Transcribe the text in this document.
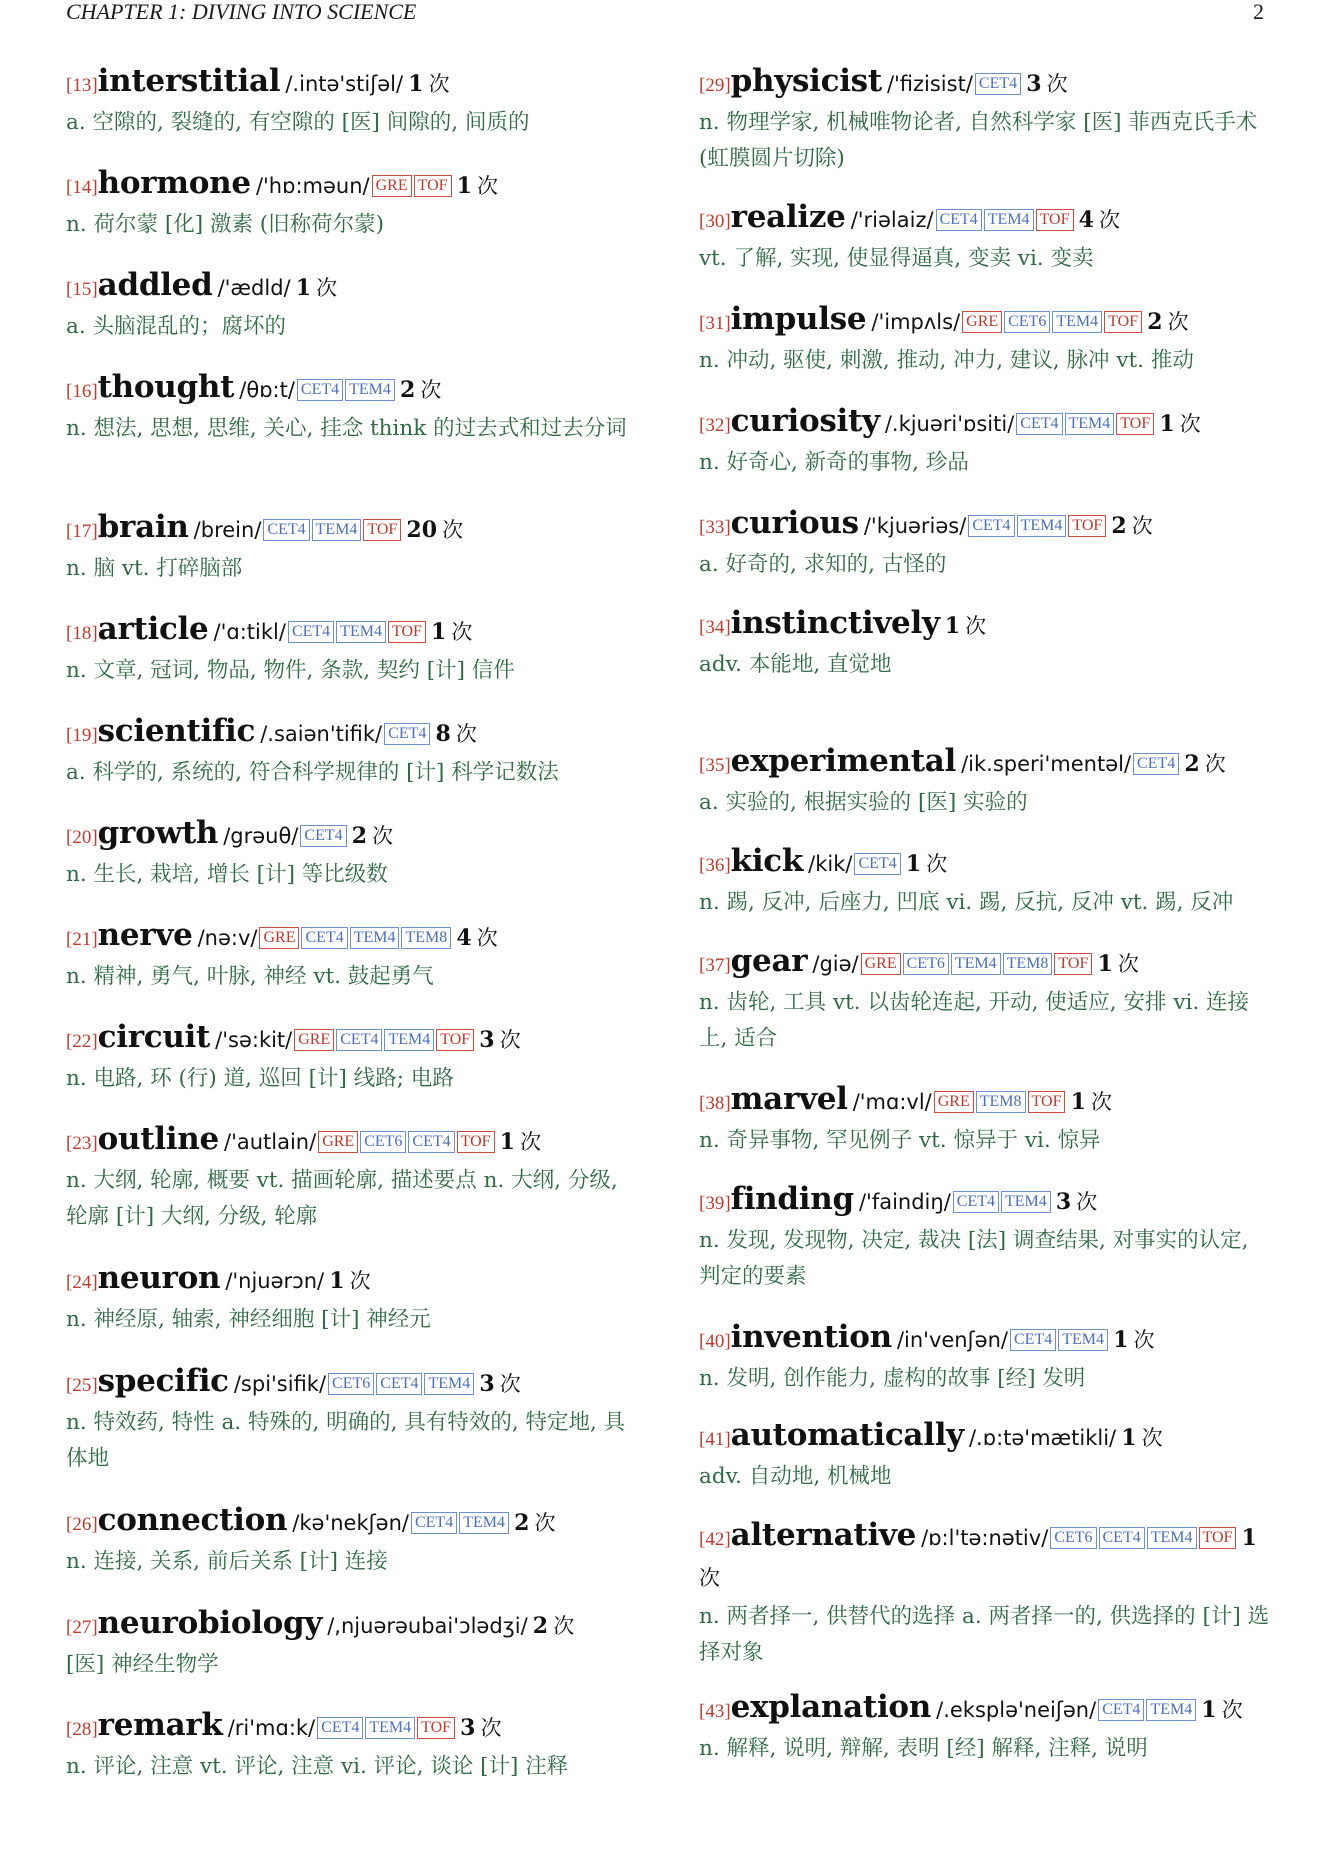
CHAPTER 1: DIVING INTO SCIENCE	2
[13]interstitial /.intə'stiʃəl/ 1 次
a. 空隙的, 裂缝的, 有空隙的 [医] 间隙的, 间质的
[14]hormone /'hɒ:məun/ GRE TOF 1 次
n. 荷尔蒙 [化] 激素 (旧称荷尔蒙)
[15]addled /'ædld/ 1 次
a. 头脑混乱的；腐坏的
[16]thought /θɒ:t/ CET4 TEM4 2 次
n. 想法, 思想, 思维, 关心, 挂念 think 的过去式和过去分词
[17]brain /brein/ CET4 TEM4 TOF 20 次
n. 脑 vt. 打碎脑部
[18]article /'ɑ:tikl/ CET4 TEM4 TOF 1 次
n. 文章, 冠词, 物品, 物件, 条款, 契约 [计] 信件
[19]scientific /.saiən'tifik/ CET4 8 次
a. 科学的, 系统的, 符合科学规律的 [计] 科学记数法
[20]growth /grəuθ/ CET4 2 次
n. 生长, 栽培, 增长 [计] 等比级数
[21]nerve /nə:v/ GRE CET4 TEM4 TEM8 4 次
n. 精神, 勇气, 叶脉, 神经 vt. 鼓起勇气
[22]circuit /'sə:kit/ GRE CET4 TEM4 TOF 3 次
n. 电路, 环 (行) 道, 巡回 [计] 线路; 电路
[23]outline /'autlain/ GRE CET6 CET4 TOF 1 次
n. 大纲, 轮廓, 概要 vt. 描画轮廓, 描述要点 n. 大纲, 分级, 轮廓 [计] 大纲, 分级, 轮廓
[24]neuron /'njuərɔn/ 1 次
n. 神经原, 轴索, 神经细胞 [计] 神经元
[25]specific /spi'sifik/ CET6 CET4 TEM4 3 次
n. 特效药, 特性 a. 特殊的, 明确的, 具有特效的, 特定地, 具体地
[26]connection /kə'nekʃən/ CET4 TEM4 2 次
n. 连接, 关系, 前后关系 [计] 连接
[27]neurobiology /,njuərəubai'ɔlədʒi/ 2 次
[医] 神经生物学
[28]remark /ri'mɑ:k/ CET4 TEM4 TOF 3 次
n. 评论, 注意 vt. 评论, 注意 vi. 评论, 谈论 [计] 注释
[29]physicist /'fizisist/ CET4 3 次
n. 物理学家, 机械唯物论者, 自然科学家 [医] 菲西克氏手术 (虹膜圆片切除)
[30]realize /'riəlaiz/ CET4 TEM4 TOF 4 次
vt. 了解, 实现, 使显得逼真, 变卖 vi. 变卖
[31]impulse /'impʌls/ GRE CET6 TEM4 TOF 2 次
n. 冲动, 驱使, 刺激, 推动, 冲力, 建议, 脉冲 vt. 推动
[32]curiosity /.kjuəri'ɒsiti/ CET4 TEM4 TOF 1 次
n. 好奇心, 新奇的事物, 珍品
[33]curious /'kjuəriəs/ CET4 TEM4 TOF 2 次
a. 好奇的, 求知的, 古怪的
[34]instinctively 1 次
adv. 本能地, 直觉地
[35]experimental /ik.speri'mentəl/ CET4 2 次
a. 实验的, 根据实验的 [医] 实验的
[36]kick /kik/ CET4 1 次
n. 踢, 反冲, 后座力, 凹底 vi. 踢, 反抗, 反冲 vt. 踢, 反冲
[37]gear /giə/ GRE CET6 TEM4 TEM8 TOF 1 次
n. 齿轮, 工具 vt. 以齿轮连起, 开动, 使适应, 安排 vi. 连接上, 适合
[38]marvel /'mɑ:vl/ GRE TEM8 TOF 1 次
n. 奇异事物, 罕见例子 vt. 惊异于 vi. 惊异
[39]finding /'faindiŋ/ CET4 TEM4 3 次
n. 发现, 发现物, 决定, 裁决 [法] 调查结果, 对事实的认定, 判定的要素
[40]invention /in'venʃən/ CET4 TEM4 1 次
n. 发明, 创作能力, 虚构的故事 [经] 发明
[41]automatically /.ɒ:tə'mætikli/ 1 次
adv. 自动地, 机械地
[42]alternative /ɒ:l'tə:nətiv/ CET6 CET4 TEM4 TOF 1 次
n. 两者择一, 供替代的选择 a. 两者择一的, 供选择的 [计] 选择对象
[43]explanation /.eksplə'neiʃən/ CET4 TEM4 1 次
n. 解释, 说明, 辩解, 表明 [经] 解释, 注释, 说明
